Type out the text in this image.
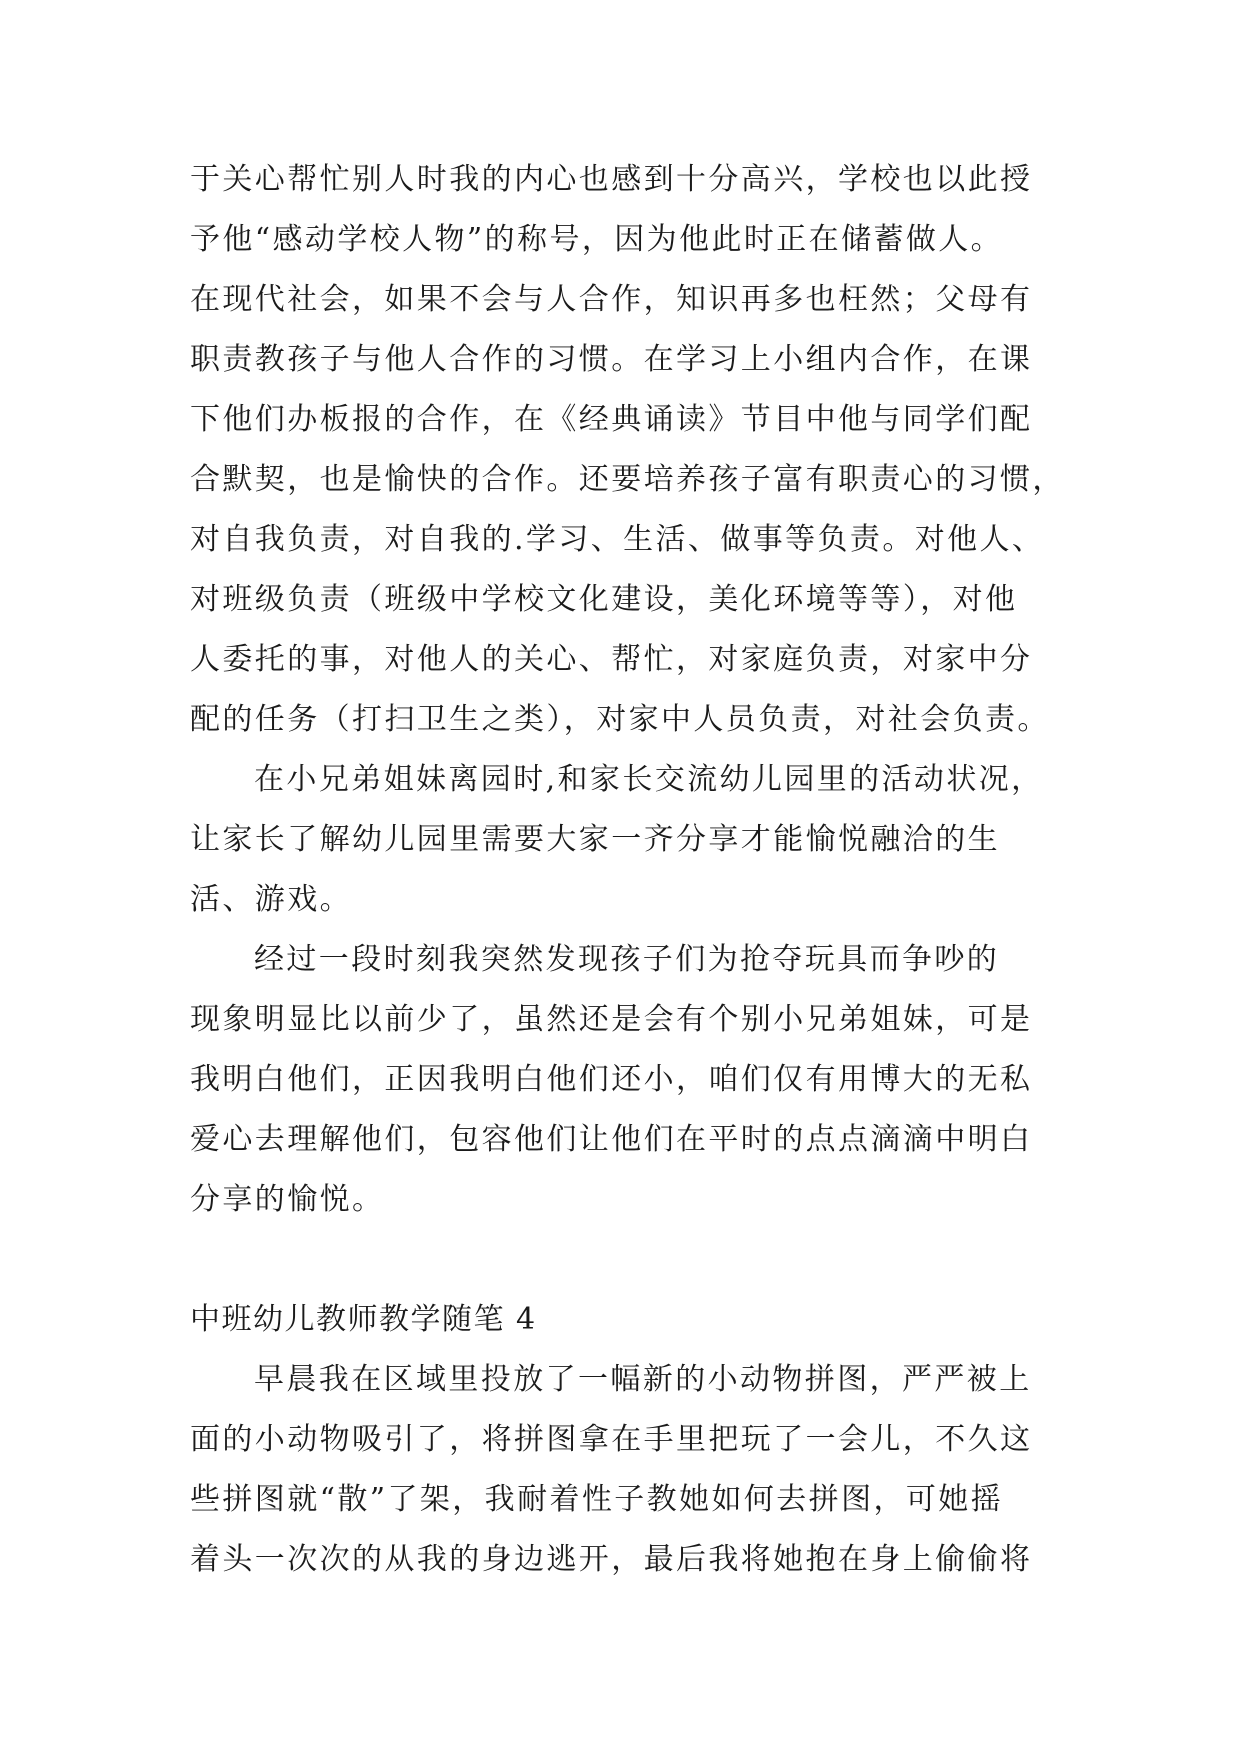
于关心帮忙别人时我的内心也感到十分高兴，学校也以此授
予他“感动学校人物”的称号，因为他此时正在储蓄做人。
在现代社会，如果不会与人合作，知识再多也枉然；父母有
职责教孩子与他人合作的习惯。在学习上小组内合作，在课
下他们办板报的合作，在《经典诵读》节目中他与同学们配
合默契，也是愉快的合作。还要培养孩子富有职责心的习惯，
对自我负责，对自我的.学习、生活、做事等负责。对他人、
对班级负责（班级中学校文化建设，美化环境等等），对他
人委托的事，对他人的关心、帮忙，对家庭负责，对家中分
配的任务（打扫卫生之类），对家中人员负责，对社会负责。
在小兄弟姐妹离园时,和家长交流幼儿园里的活动状况，
让家长了解幼儿园里需要大家一齐分享才能愉悦融洽的生
活、游戏。
经过一段时刻我突然发现孩子们为抢夺玩具而争吵的
现象明显比以前少了，虽然还是会有个别小兄弟姐妹，可是
我明白他们，正因我明白他们还小，咱们仅有用博大的无私
爱心去理解他们，包容他们让他们在平时的点点滴滴中明白
分享的愉悦。
中班幼儿教师教学随笔 4
早晨我在区域里投放了一幅新的小动物拼图，严严被上
面的小动物吸引了，将拼图拿在手里把玩了一会儿，不久这
些拼图就“散”了架，我耐着性子教她如何去拼图，可她摇
着头一次次的从我的身边逃开，最后我将她抱在身上偷偷将
